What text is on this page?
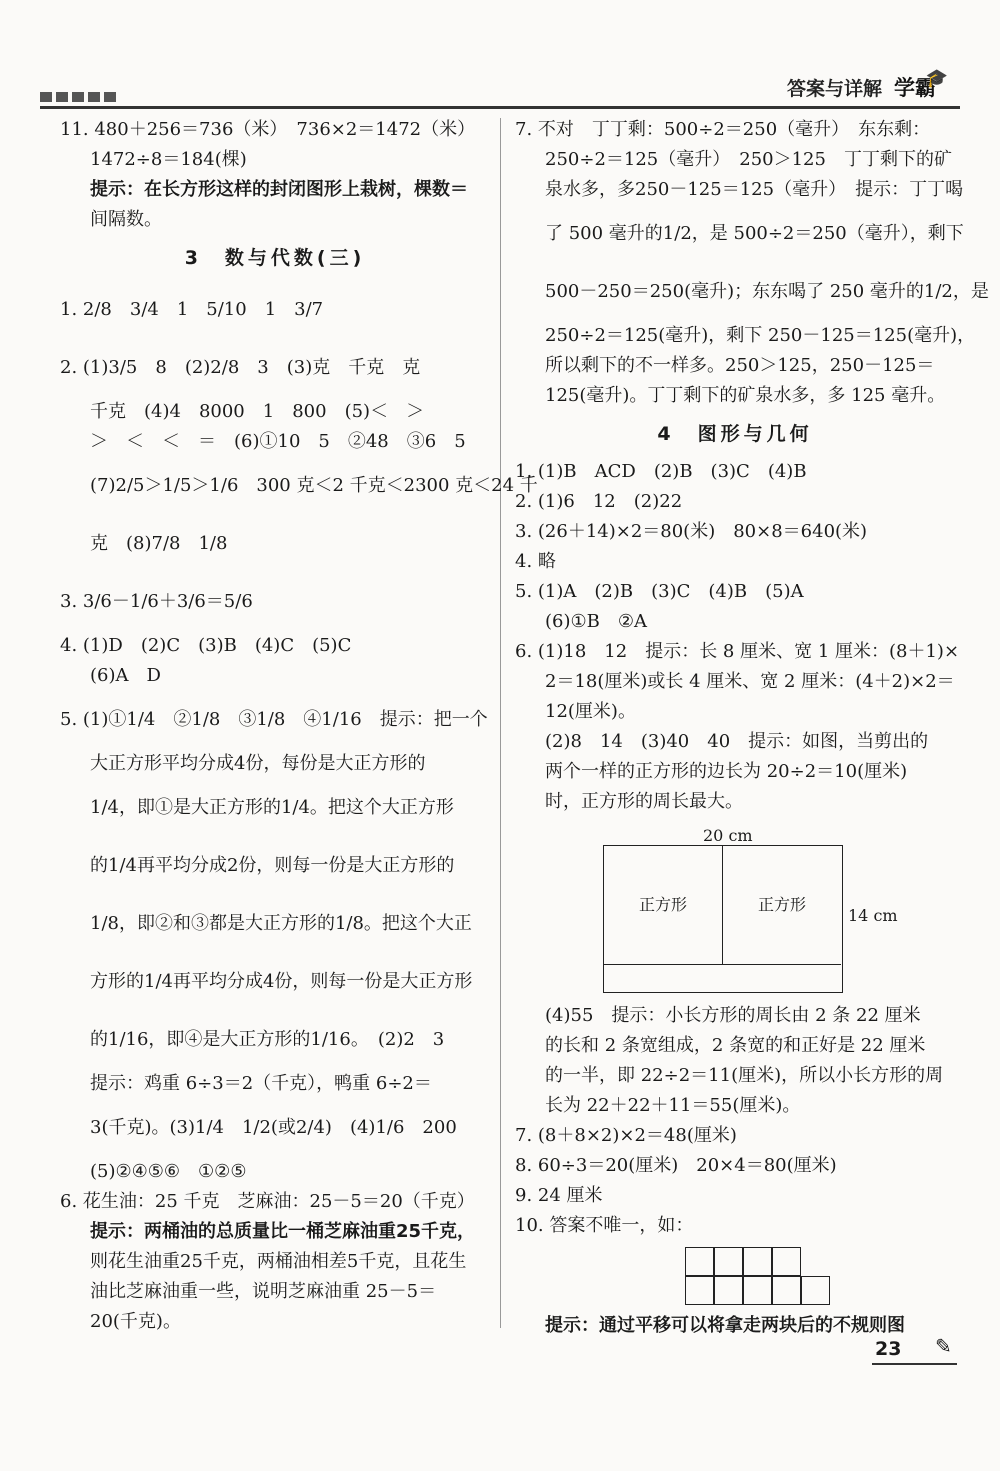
答案与详解 学霸
🎓
11. 480＋256＝736（米）　736×2＝1472（米）
1472÷8＝184(棵)
提示：在长方形这样的封闭图形上栽树，棵数＝
间隔数。
3　数与代数(三)
1. 2/8　3/4　1　5/10　1　3/7
2. (1)3/5　8　(2)2/8　3　(3)克　千克　克
千克　(4)4　8000　1　800　(5)＜　＞
＞　＜　＜　＝　(6)①10　5　②48　③6　5
(7)2/5＞1/5＞1/6　300 克＜2 千克＜2300 克＜24 千
克　(8)7/8　1/8
3. 3/6－1/6＋3/6＝5/6
4. (1)D　(2)C　(3)B　(4)C　(5)C
(6)A　D
5. (1)①1/4　②1/8　③1/8　④1/16　提示：把一个
大正方形平均分成4份，每份是大正方形的
1/4，即①是大正方形的1/4。把这个大正方形
的1/4再平均分成2份，则每一份是大正方形的
1/8，即②和③都是大正方形的1/8。把这个大正
方形的1/4再平均分成4份，则每一份是大正方形
的1/16，即④是大正方形的1/16。　(2)2　3
提示：鸡重 6÷3＝2（千克），鸭重 6÷2＝
3(千克)。(3)1/4　1/2(或2/4)　(4)1/6　200
(5)②④⑤⑥　①②⑤
6. 花生油：25 千克　芝麻油：25－5＝20（千克）
提示：两桶油的总质量比一桶芝麻油重25千克，
则花生油重25千克，两桶油相差5千克，且花生
油比芝麻油重一些，说明芝麻油重 25－5＝
20(千克)。
7. 不对　丁丁剩：500÷2＝250（毫升）　东东剩：
250÷2＝125（毫升）　250＞125　丁丁剩下的矿
泉水多，多250－125＝125（毫升）　提示：丁丁喝
了 500 毫升的1/2，是 500÷2＝250（毫升），剩下
500－250＝250(毫升)；东东喝了 250 毫升的1/2，是
250÷2＝125(毫升)，剩下 250－125＝125(毫升)，
所以剩下的不一样多。250＞125，250－125＝
125(毫升)。丁丁剩下的矿泉水多，多 125 毫升。
4　图形与几何
1. (1)B　ACD　(2)B　(3)C　(4)B
2. (1)6　12　(2)22
3. (26＋14)×2＝80(米)　80×8＝640(米)
4. 略
5. (1)A　(2)B　(3)C　(4)B　(5)A
(6)①B　②A
6. (1)18　12　提示：长 8 厘米、宽 1 厘米：(8＋1)×
2＝18(厘米)或长 4 厘米、宽 2 厘米：(4＋2)×2＝
12(厘米)。
(2)8　14　(3)40　40　提示：如图，当剪出的
两个一样的正方形的边长为 20÷2＝10(厘米)
时，正方形的周长最大。
20 cm
正方形	正方形
14 cm
(4)55　提示：小长方形的周长由 2 条 22 厘米
的长和 2 条宽组成，2 条宽的和正好是 22 厘米
的一半，即 22÷2＝11(厘米)，所以小长方形的周
长为 22＋22＋11＝55(厘米)。
7. (8＋8×2)×2＝48(厘米)
8. 60÷3＝20(厘米)　20×4＝80(厘米)
9. 24 厘米
10. 答案不唯一，如：
提示：通过平移可以将拿走两块后的不规则图
23 ✎
